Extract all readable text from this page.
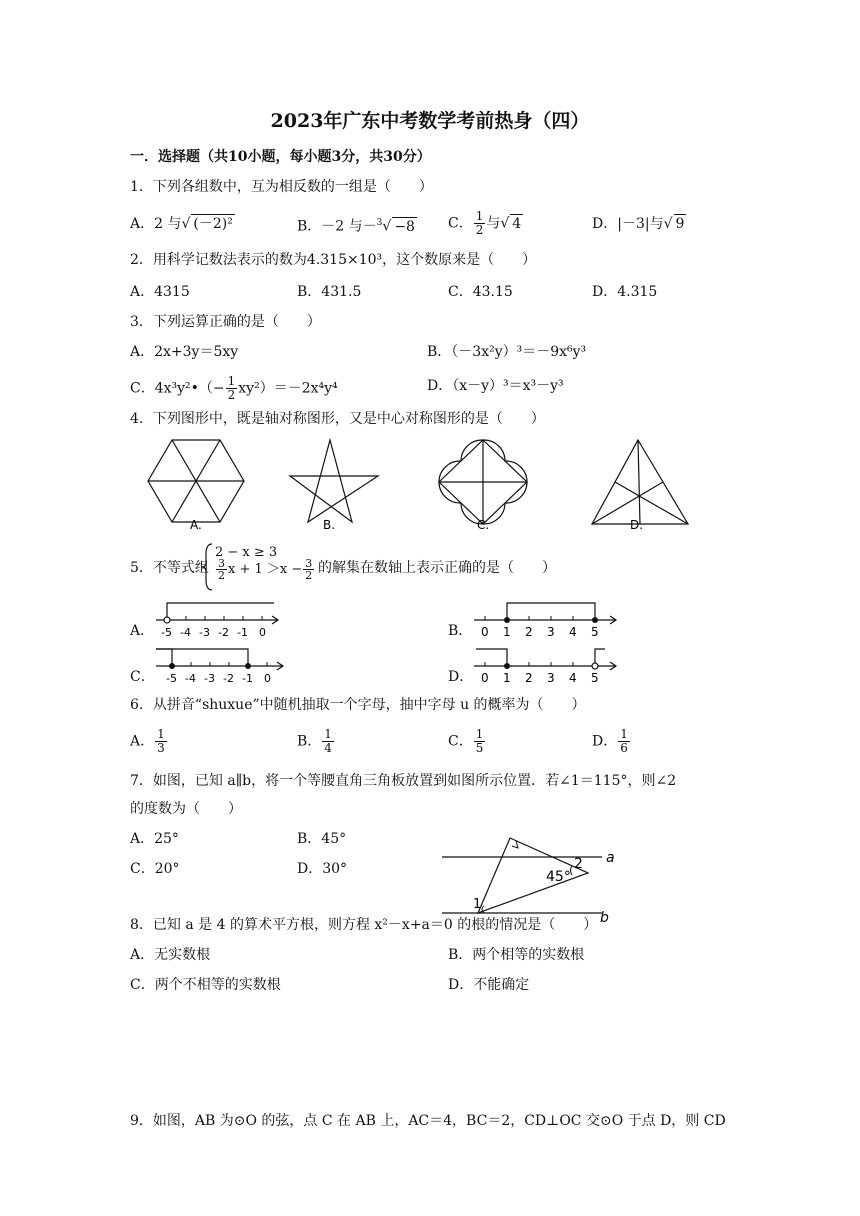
2023年广东中考数学考前热身（四）
一．选择题（共10小题，每小题3分，共30分）
1．下列各组数中，互为相反数的一组是（　　）
A．2 与√ (－2)²	B．－2 与－$^3$√ −8 C． $\frac{1}{2}$ 与√ 4	D．|－3|与√ 9
2．用科学记数法表示的数为4.315×10³，这个数原来是（　　）
A．4315	B．431.5	C．43.15	D．4.315
3．下列运算正确的是（　　）
A．2x+3y＝5xy	B．（－3x²y）³＝－9x⁶y³
C．4x³y²•（− $\frac{1}{2} xy^2)=-2x^4y^4$	D．（x－y）³＝x³－y³
4．下列图形中，既是轴对称图形，又是中心对称图形的是（　　）
A.	B.	C.	D.
5．不等式组
2 − x ≥ 3
$\frac{3}{2}$ $x + 1 >x - \frac{3}{2}$ 的解集在数轴上表示正确的是（　　）
A． -5 -4 -3 -2 -1 0	B． 0 1 2 3 4 5
C． -5 -4 -3 -2 -1 0	D． 0 1 2 3 4 5
6．从拼音“shuxue”中随机抽取一个字母，抽中字母 u 的概率为（　　）
A． $\frac{1}{3}$	B． $\frac{1}{4}$	C． $\frac{1}{5}$	D． $\frac{1}{6}$
7．如图，已知 a∥b，将一个等腰直角三角板放置到如图所示位置．若∠1＝115°，则∠2
的度数为（　　）
A．25°	B．45°
C．20°	D．30°
a
b
2
45°
1
8．已知 a 是 4 的算术平方根，则方程 x²－x+a＝0 的根的情况是（　　）
A．无实数根	B．两个相等的实数根
C．两个不相等的实数根	D．不能确定
9．如图，AB 为⊙O 的弦，点 C 在 AB 上，AC＝4，BC＝2，CD⊥OC 交⊙O 于点 D，则 CD
